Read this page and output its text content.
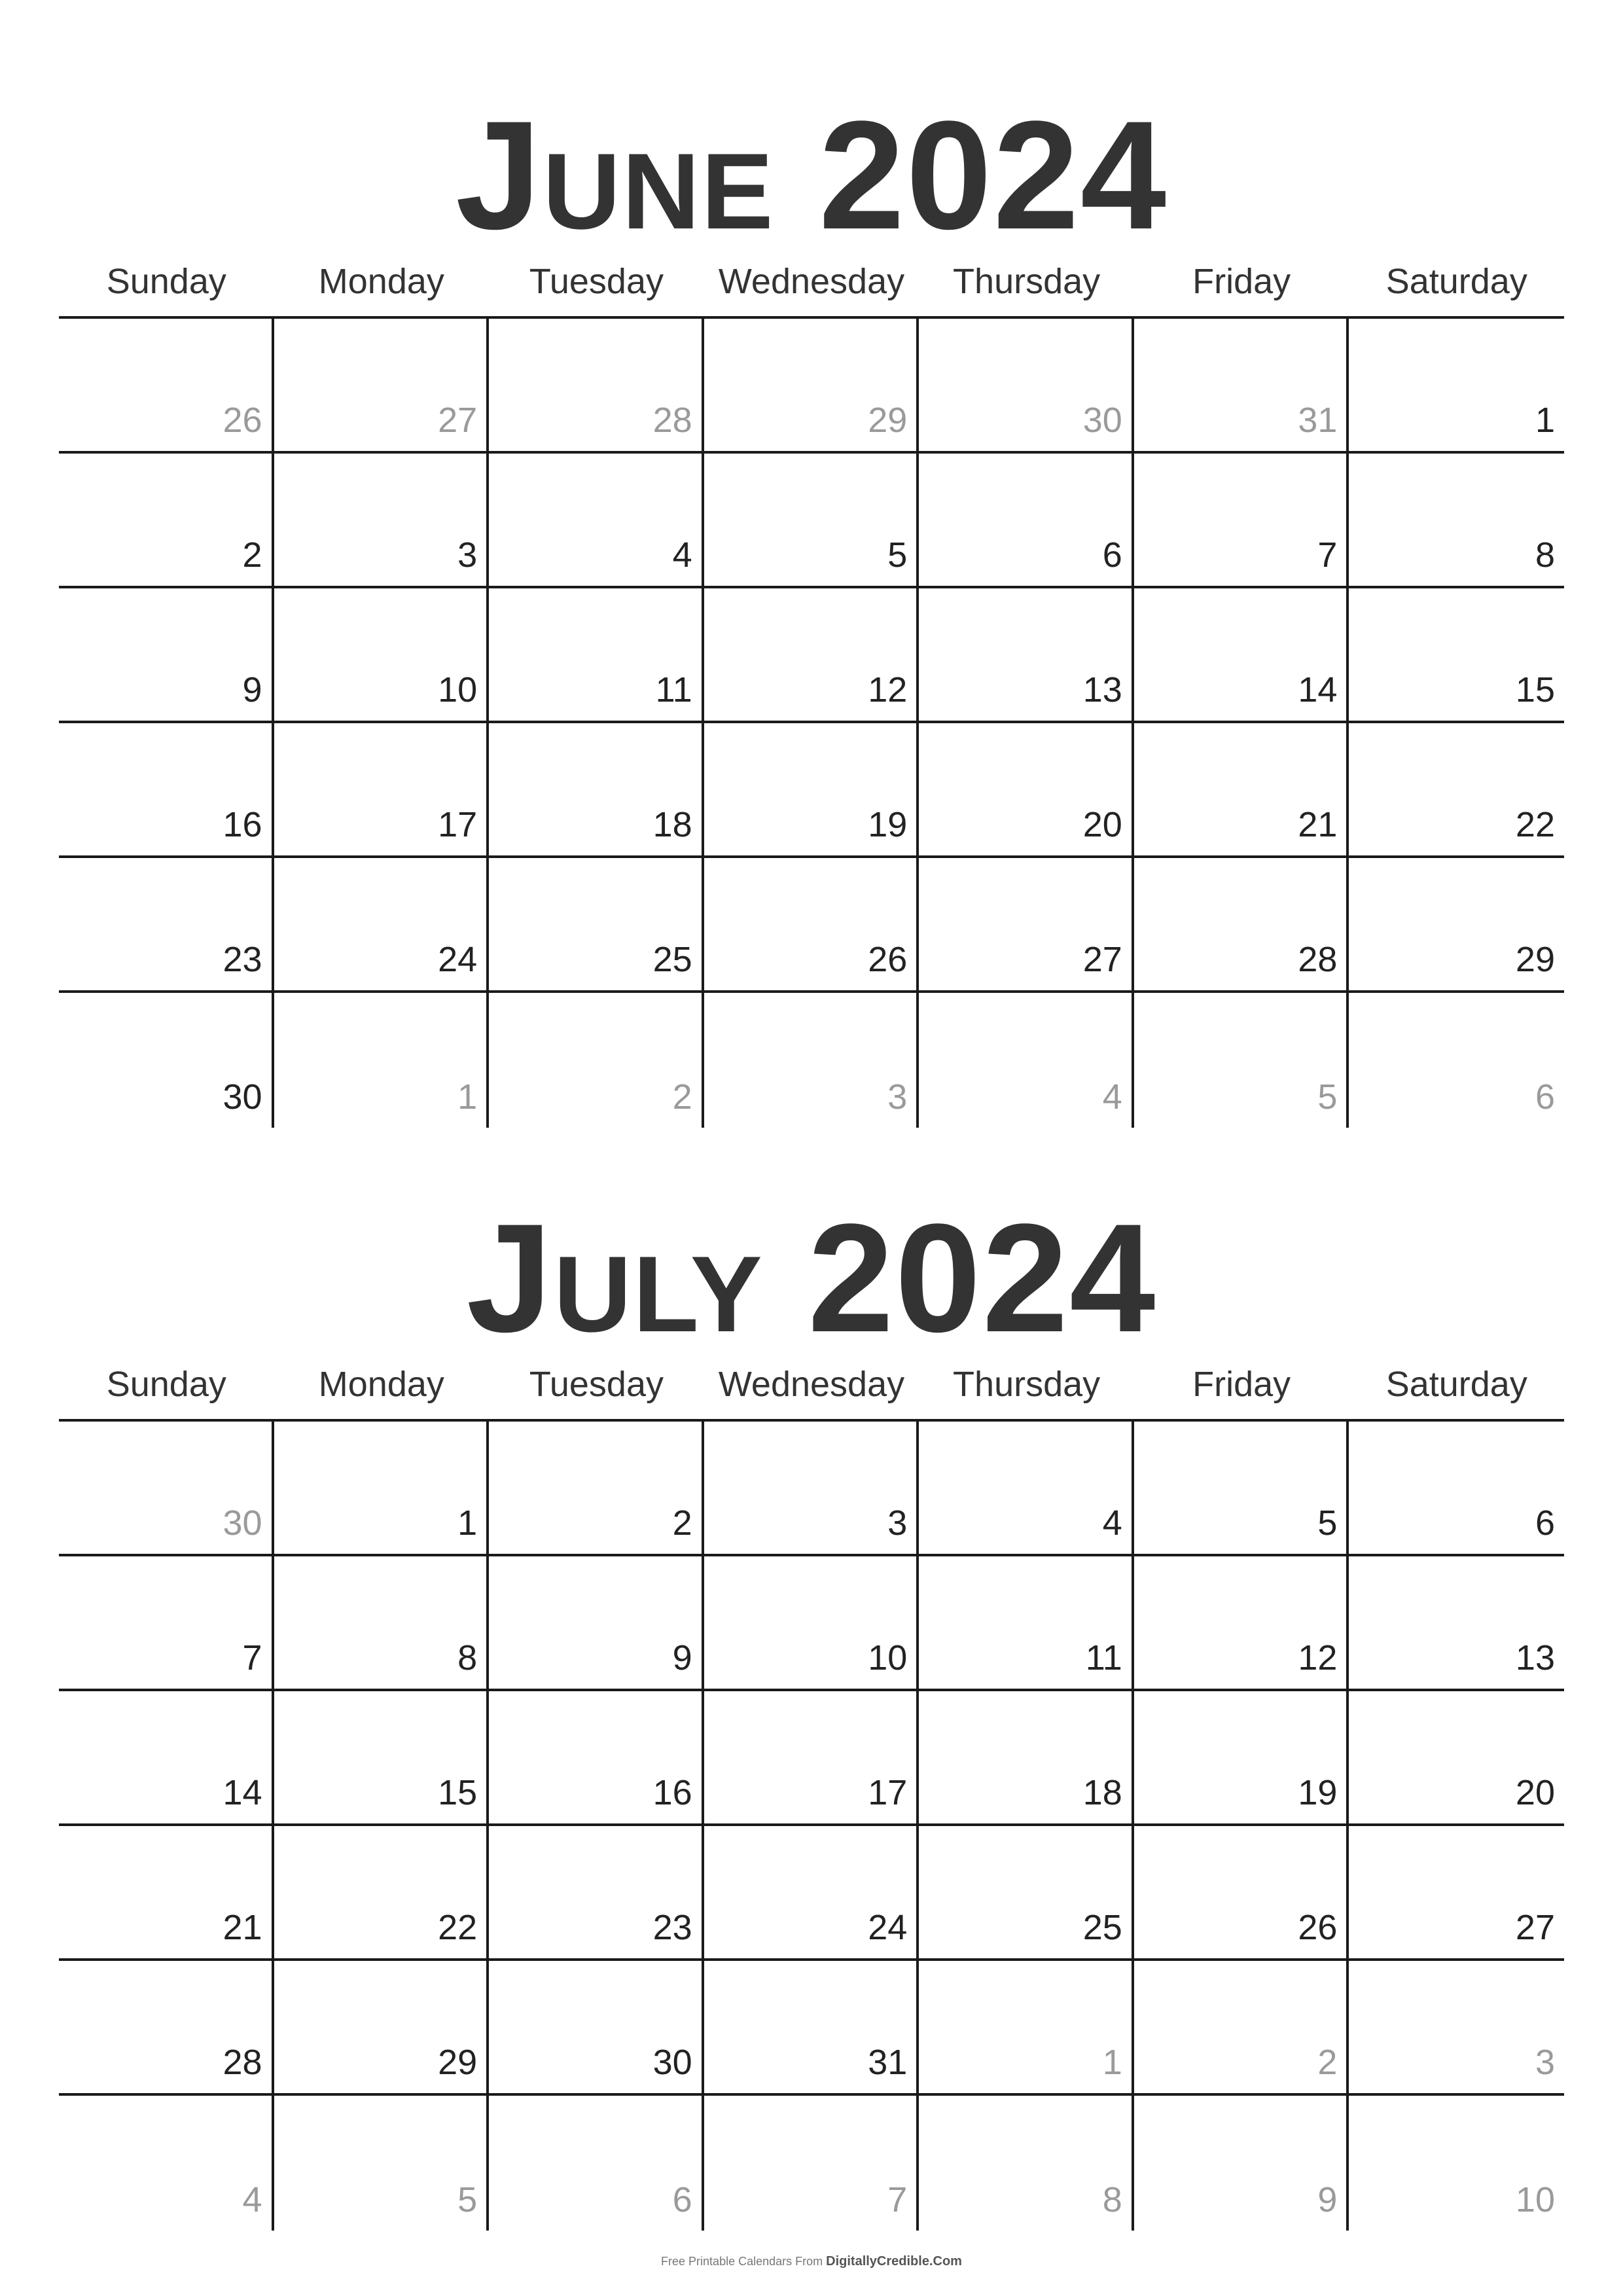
June 2024
Sunday	Monday	Tuesday	Wednesday	Thursday	Friday	Saturday
26	27	28	29	30	31	1
2	3	4	5	6	7	8
9	10	11	12	13	14	15
16	17	18	19	20	21	22
23	24	25	26	27	28	29
30	1	2	3	4	5	6
July 2024
Sunday	Monday	Tuesday	Wednesday	Thursday	Friday	Saturday
30	1	2	3	4	5	6
7	8	9	10	11	12	13
14	15	16	17	18	19	20
21	22	23	24	25	26	27
28	29	30	31	1	2	3
4	5	6	7	8	9	10
Free Printable Calendars From DigitallyCredible.Com
